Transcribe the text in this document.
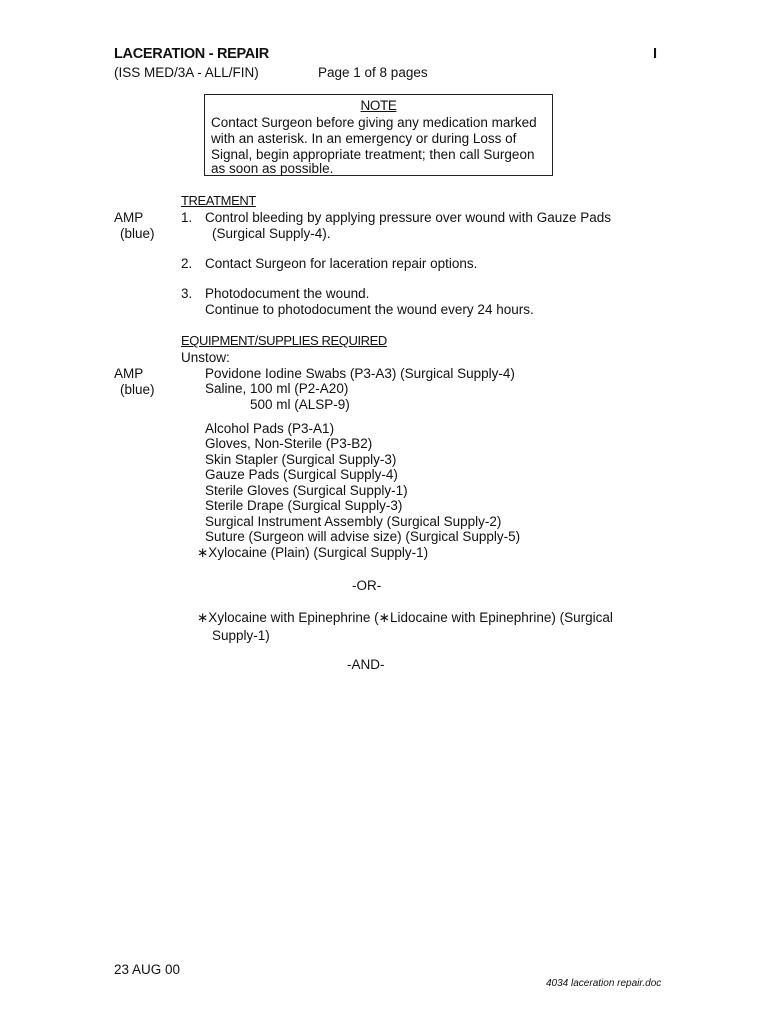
LACERATION - REPAIR	I
(ISS MED/3A - ALL/FIN)	Page 1 of 8 pages
NOTE
Contact Surgeon before giving any medication marked
with an asterisk. In an emergency or during Loss of
Signal, begin appropriate treatment; then call Surgeon
as soon as possible.
TREATMENT
AMP
(blue)
1. Control bleeding by applying pressure over wound with Gauze Pads
(Surgical Supply-4).
2. Contact Surgeon for laceration repair options.
3. Photodocument the wound.
Continue to photodocument the wound every 24 hours.
EQUIPMENT/SUPPLIES REQUIRED
Unstow:
AMP
(blue)
Povidone Iodine Swabs (P3-A3) (Surgical Supply-4)
Saline, 100 ml (P2-A20)
500 ml (ALSP-9)
Alcohol Pads (P3-A1)
Gloves, Non-Sterile (P3-B2)
Skin Stapler (Surgical Supply-3)
Gauze Pads (Surgical Supply-4)
Sterile Gloves (Surgical Supply-1)
Sterile Drape (Surgical Supply-3)
Surgical Instrument Assembly (Surgical Supply-2)
Suture (Surgeon will advise size) (Surgical Supply-5)
∗Xylocaine (Plain) (Surgical Supply-1)
-OR-
∗Xylocaine with Epinephrine (∗Lidocaine with Epinephrine) (Surgical
Supply-1)
-AND-
23 AUG 00
4034 laceration repair.doc
